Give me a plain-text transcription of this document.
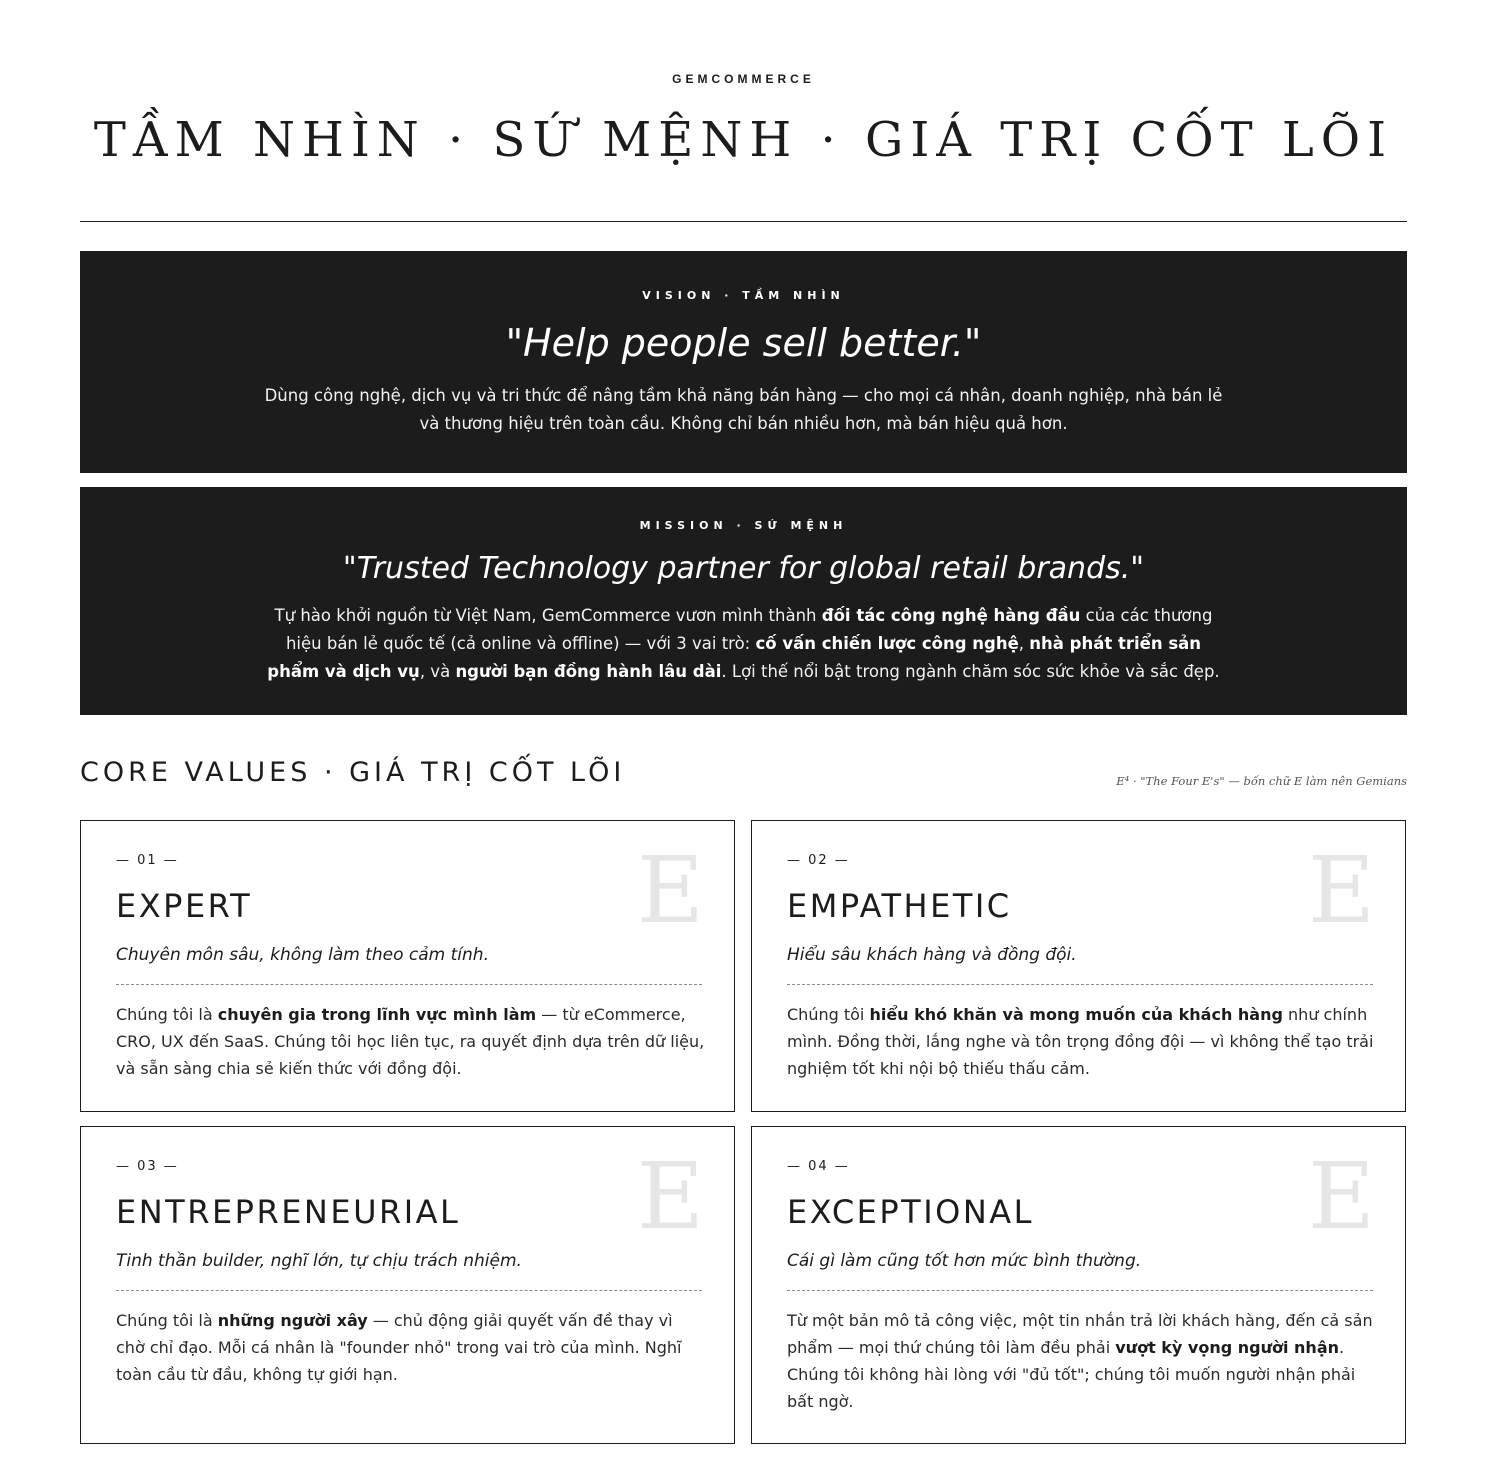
GEMCOMMERCE
TẦM NHÌN · SỨ MỆNH · GIÁ TRỊ CỐT LÕI
VISION · TẦM NHÌN
"Help people sell better."

Dùng công nghệ, dịch vụ và tri thức để nâng tầm khả năng bán hàng — cho mọi cá nhân, doanh nghiệp, nhà bán lẻ và thương hiệu trên toàn cầu. Không chỉ bán nhiều hơn, mà bán hiệu quả hơn.

MISSION · SỨ MỆNH
"Trusted Technology partner for global retail brands."

Tự hào khởi nguồn từ Việt Nam, GemCommerce vươn mình thành đối tác công nghệ hàng đầu của các thương hiệu bán lẻ quốc tế (cả online và offline) — với 3 vai trò: cố vấn chiến lược công nghệ, nhà phát triển sản phẩm và dịch vụ, và người bạn đồng hành lâu dài. Lợi thế nổi bật trong ngành chăm sóc sức khỏe và sắc đẹp.

CORE VALUES · GIÁ TRỊ CỐT LÕI	E⁴ · "The Four E's" — bốn chữ E làm nên Gemians
— 01 —	E
EXPERT
Chuyên môn sâu, không làm theo cảm tính.

Chúng tôi là chuyên gia trong lĩnh vực mình làm — từ eCommerce, CRO, UX đến SaaS. Chúng tôi học liên tục, ra quyết định dựa trên dữ liệu, và sẵn sàng chia sẻ kiến thức với đồng đội.

— 02 —	E
EMPATHETIC
Hiểu sâu khách hàng và đồng đội.

Chúng tôi hiểu khó khăn và mong muốn của khách hàng như chính mình. Đồng thời, lắng nghe và tôn trọng đồng đội — vì không thể tạo trải nghiệm tốt khi nội bộ thiếu thấu cảm.

— 03 —	E
ENTREPRENEURIAL
Tinh thần builder, nghĩ lớn, tự chịu trách nhiệm.

Chúng tôi là những người xây — chủ động giải quyết vấn đề thay vì chờ chỉ đạo. Mỗi cá nhân là "founder nhỏ" trong vai trò của mình. Nghĩ toàn cầu từ đầu, không tự giới hạn.

— 04 —	E
EXCEPTIONAL
Cái gì làm cũng tốt hơn mức bình thường.

Từ một bản mô tả công việc, một tin nhắn trả lời khách hàng, đến cả sản phẩm — mọi thứ chúng tôi làm đều phải vượt kỳ vọng người nhận. Chúng tôi không hài lòng với "đủ tốt"; chúng tôi muốn người nhận phải bất ngờ.
